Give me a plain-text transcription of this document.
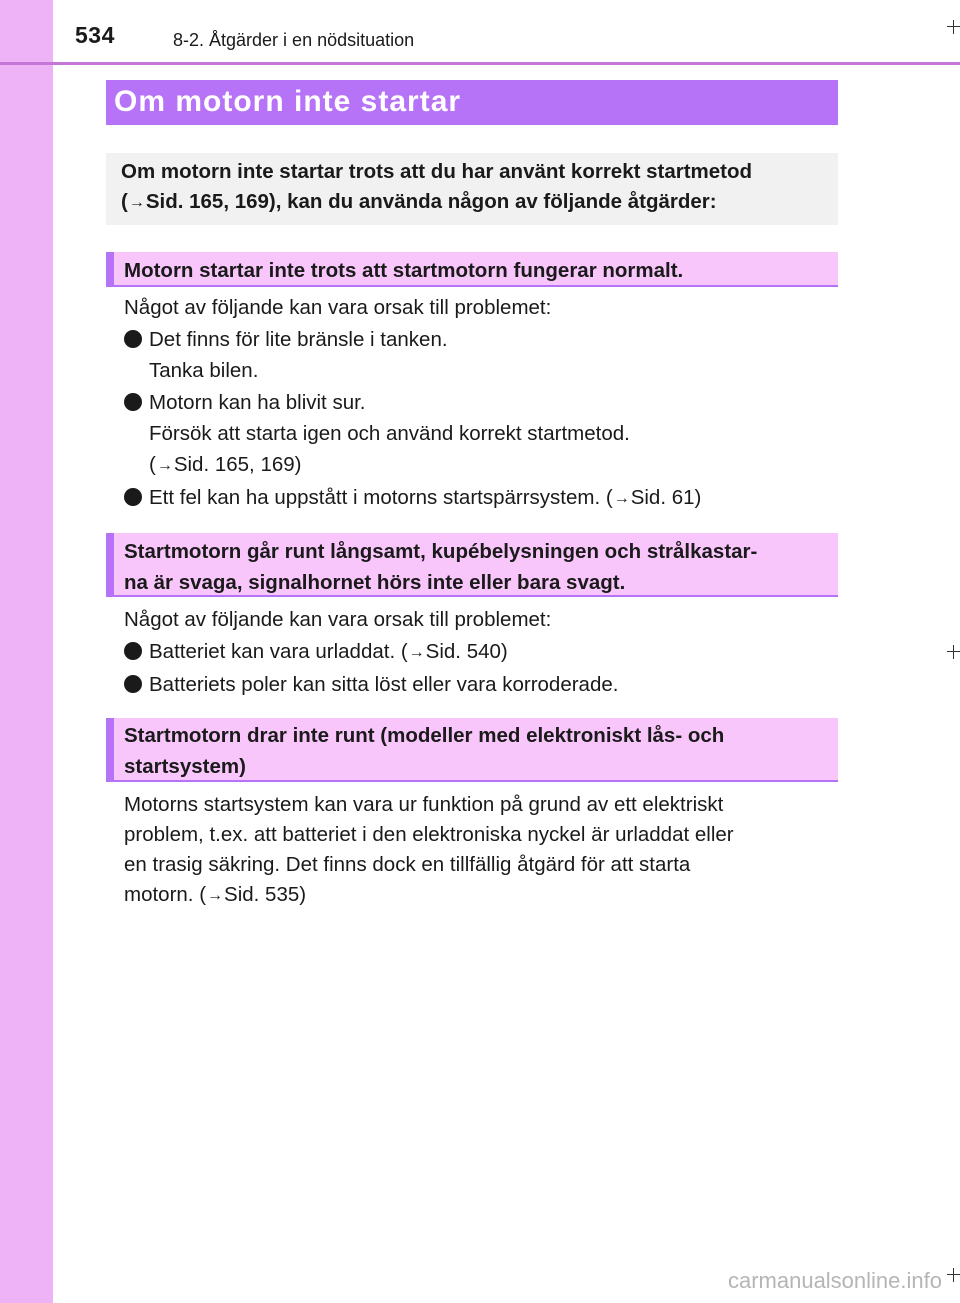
534	8-2. Åtgärder i en nödsituation
Om motorn inte startar
Om motorn inte startar trots att du har använt korrekt startmetod
(→Sid. 165, 169), kan du använda någon av följande åtgärder:
Motorn startar inte trots att startmotorn fungerar normalt.
Något av följande kan vara orsak till problemet:
Det finns för lite bränsle i tanken.
Tanka bilen.
Motorn kan ha blivit sur.
Försök att starta igen och använd korrekt startmetod.
(→Sid. 165, 169)
Ett fel kan ha uppstått i motorns startspärrsystem. (→Sid. 61)
Startmotorn går runt långsamt, kupébelysningen och strålkastar-
na är svaga, signalhornet hörs inte eller bara svagt.
Något av följande kan vara orsak till problemet:
Batteriet kan vara urladdat. (→Sid. 540)
Batteriets poler kan sitta löst eller vara korroderade.
Startmotorn drar inte runt (modeller med elektroniskt lås- och
startsystem)
Motorns startsystem kan vara ur funktion på grund av ett elektriskt
problem, t.ex. att batteriet i den elektroniska nyckel är urladdat eller
en trasig säkring. Det finns dock en tillfällig åtgärd för att starta
motorn. (→Sid. 535)
carmanualsonline.info
